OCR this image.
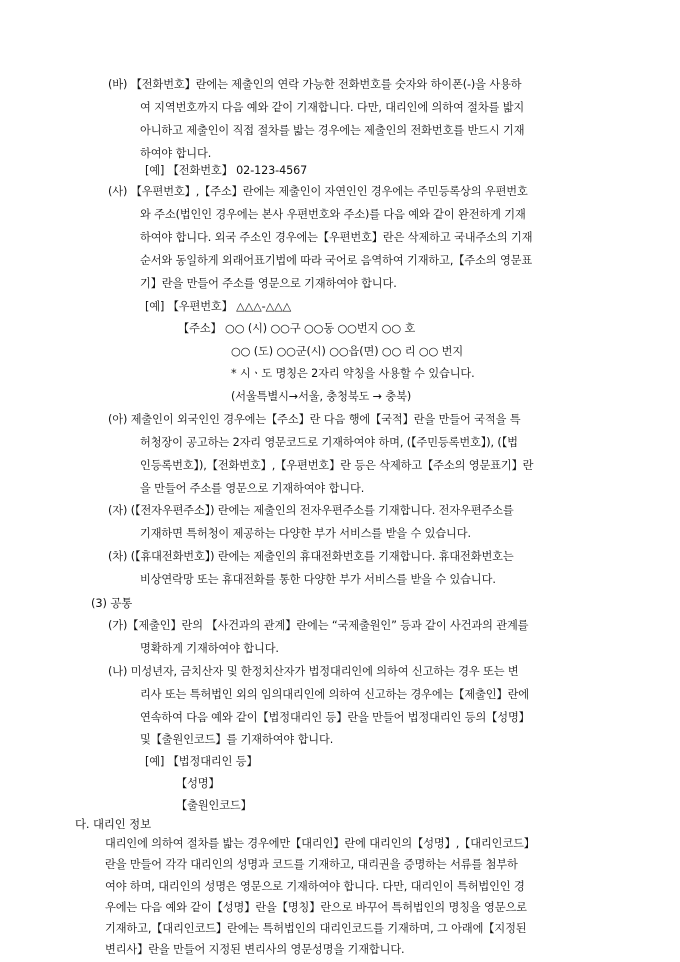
(바) 【전화번호】란에는 제출인의 연락 가능한 전화번호를 숫자와 하이폰(-)을 사용하

여 지역번호까지 다음 예와 같이 기재합니다. 다만, 대리인에 의하여 절차를 밟지

아니하고 제출인이 직접 절차를 밟는 경우에는 제출인의 전화번호를 반드시 기재

하여야 합니다.

[예] 【전화번호】 02-123-4567

(사) 【우편번호】,【주소】란에는 제출인이 자연인인 경우에는 주민등록상의 우편번호

와 주소(법인인 경우에는 본사 우편번호와 주소)를 다음 예와 같이 완전하게 기재

하여야 합니다. 외국 주소인 경우에는【우편번호】란은 삭제하고 국내주소의 기재

순서와 동일하게 외래어표기법에 따라 국어로 음역하여 기재하고,【주소의 영문표

기】란을 만들어 주소를 영문으로 기재하여야 합니다.

[예] 【우편번호】 △△△-△△△

【주소】 ○○ (시) ○○구 ○○동 ○○번지 ○○ 호

○○ (도) ○○군(시) ○○읍(면) ○○ 리 ○○ 번지

* 시ㆍ도 명칭은 2자리 약칭을 사용할 수 있습니다.

(서울특별시→서울, 충청북도 → 충북)

(아) 제출인이 외국인인 경우에는【주소】란 다음 행에【국적】란을 만들어 국적을 특

허청장이 공고하는 2자리 영문코드로 기재하여야 하며, (【주민등록번호】), (【법

인등록번호】),【전화번호】,【우편번호】란 등은 삭제하고【주소의 영문표기】란

을 만들어 주소를 영문으로 기재하여야 합니다.

(자) (【전자우편주소】) 란에는 제출인의 전자우편주소를 기재합니다. 전자우편주소를

기재하면 특허청이 제공하는 다양한 부가 서비스를 받을 수 있습니다.

(차) (【휴대전화번호】) 란에는 제출인의 휴대전화번호를 기재합니다. 휴대전화번호는

비상연락망 또는 휴대전화를 통한 다양한 부가 서비스를 받을 수 있습니다.

(3) 공통

(가)【제출인】란의 【사건과의 관계】란에는 “국제출원인” 등과 같이 사건과의 관계를

명확하게 기재하여야 합니다.

(나) 미성년자, 금치산자 및 한정치산자가 법정대리인에 의하여 신고하는 경우 또는 변

리사 또는 특허법인 외의 임의대리인에 의하여 신고하는 경우에는【제출인】란에

연속하여 다음 예와 같이【법정대리인 등】란을 만들어 법정대리인 등의【성명】

및【출원인코드】를 기재하여야 합니다.

[예] 【법정대리인 등】

【성명】

【출원인코드】

다. 대리인 정보

대리인에 의하여 절차를 밟는 경우에만【대리인】란에 대리인의【성명】,【대리인코드】

란을 만들어 각각 대리인의 성명과 코드를 기재하고, 대리권을 증명하는 서류를 첨부하

여야 하며, 대리인의 성명은 영문으로 기재하여야 합니다. 다만, 대리인이 특허법인인 경

우에는 다음 예와 같이【성명】란을【명칭】란으로 바꾸어 특허법인의 명칭을 영문으로

기재하고,【대리인코드】란에는 특허법인의 대리인코드를 기재하며, 그 아래에【지정된

변리사】란을 만들어 지정된 변리사의 영문성명을 기재합니다.
